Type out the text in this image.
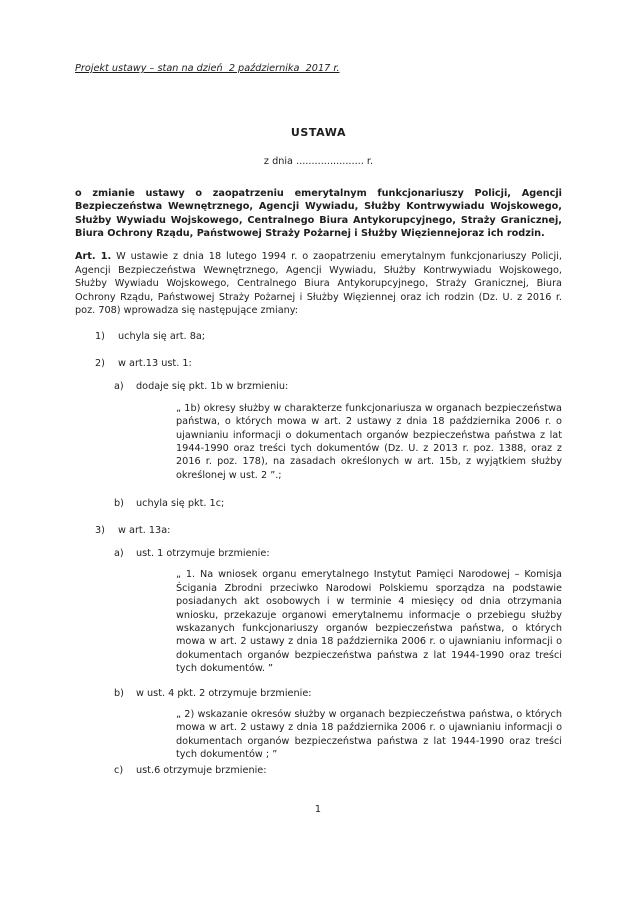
Projekt ustawy – stan na dzień  2 października  2017 r.
USTAWA
z dnia ...................... r.
o zmianie ustawy o zaopatrzeniu emerytalnym funkcjonariuszy Policji, Agencji Bezpieczeństwa Wewnętrznego, Agencji Wywiadu, Służby Kontrwywiadu Wojskowego, Służby Wywiadu Wojskowego, Centralnego Biura Antykorupcyjnego, Straży Granicznej, Biura Ochrony Rządu, Państwowej Straży Pożarnej i Służby Więziennejoraz ich rodzin.
Art. 1. W ustawie z dnia 18 lutego 1994 r. o zaopatrzeniu emerytalnym funkcjonariuszy Policji, Agencji Bezpieczeństwa Wewnętrznego, Agencji Wywiadu, Służby Kontrwywiadu Wojskowego, Służby Wywiadu Wojskowego, Centralnego Biura Antykorupcyjnego, Straży Granicznej, Biura Ochrony Rządu, Państwowej Straży Pożarnej i Służby Więziennej oraz ich rodzin (Dz. U. z 2016 r. poz. 708) wprowadza się następujące zmiany:
1)	uchyla się art. 8a;
2)	w art.13 ust. 1:
a)	dodaje się pkt. 1b w brzmieniu:
„ 1b) okresy służby w charakterze funkcjonariusza w organach bezpieczeństwa państwa, o których mowa w art. 2 ustawy z dnia 18 października 2006 r. o ujawnianiu informacji o dokumentach organów bezpieczeństwa państwa z lat 1944-1990 oraz treści tych dokumentów (Dz. U. z 2013 r. poz. 1388, oraz z 2016 r. poz. 178), na zasadach określonych w art. 15b, z wyjątkiem służby określonej w ust. 2 ”.;
b)	uchyla się pkt. 1c;
3)	w art. 13a:
a)	ust. 1 otrzymuje brzmienie:
„ 1. Na wniosek organu emerytalnego Instytut Pamięci Narodowej – Komisja Ścigania Zbrodni przeciwko Narodowi Polskiemu sporządza na podstawie posiadanych akt osobowych i w terminie 4 miesięcy od dnia otrzymania wniosku, przekazuje organowi emerytalnemu informacje o przebiegu służby wskazanych funkcjonariuszy organów bezpieczeństwa państwa, o których mowa w art. 2 ustawy z dnia 18 października 2006 r. o ujawnianiu informacji o dokumentach organów bezpieczeństwa państwa z lat 1944-1990 oraz treści tych dokumentów. ”
b)	w ust. 4 pkt. 2 otrzymuje brzmienie:
„ 2) wskazanie okresów służby w organach bezpieczeństwa państwa, o których mowa w art. 2 ustawy z dnia 18 października 2006 r. o ujawnianiu informacji o dokumentach organów bezpieczeństwa państwa z lat 1944-1990 oraz treści tych dokumentów ; ”
c)	ust.6 otrzymuje brzmienie:
1
